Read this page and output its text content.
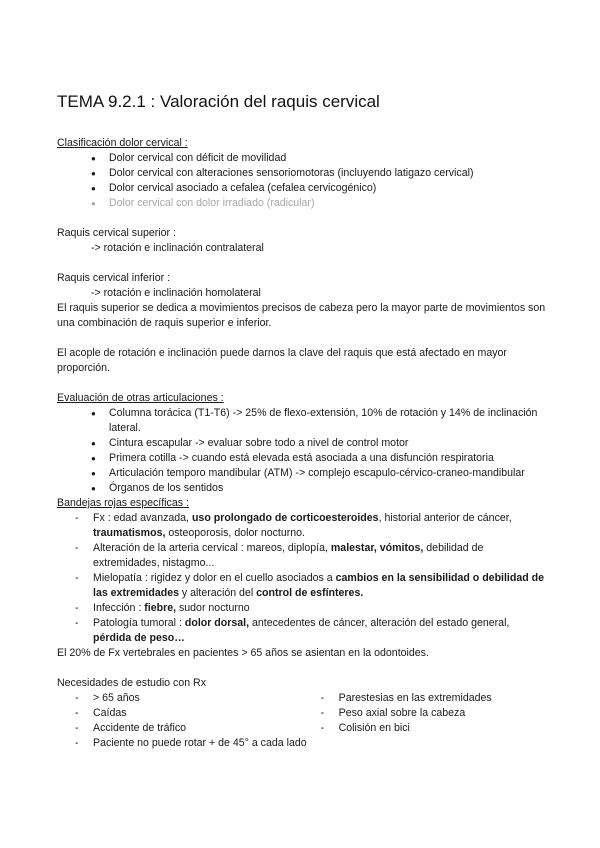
TEMA 9.2.1 : Valoración del raquis cervical

Clasificación dolor cervical :

● Dolor cervical con déficit de movilidad
● Dolor cervical con alteraciones sensoriomotoras (incluyendo latigazo cervical)
● Dolor cervical asociado a cefalea (cefalea cervicogénico)
● Dolor cervical con dolor irradiado (radicular)

Raquis cervical superior :

-> rotación e inclinación contralateral

Raquis cervical inferior :

-> rotación e inclinación homolateral

El raquis superior se dedica a movimientos precisos de cabeza pero la mayor parte de movimientos son una combinación de raquis superior e inferior.

El acople de rotación e inclinación puede darnos la clave del raquis que está afectado en mayor proporción.

Evaluación de otras articulaciones :

● Columna torácica (T1-T6) -> 25% de flexo-extensión, 10% de rotación y 14% de inclinación lateral.
● Cintura escapular -> evaluar sobre todo a nivel de control motor
● Primera cotilla -> cuando está elevada está asociada a una disfunción respiratoria
● Articulación temporo mandibular (ATM) -> complejo escapulo-cérvico-craneo-mandibular
● Órganos de los sentidos

Bandejas rojas específicas :

- Fx : edad avanzada, uso prolongado de corticoesteroides, historial anterior de cáncer, traumatismos, osteoporosis, dolor nocturno.
- Alteración de la arteria cervical : mareos, diplopía, malestar, vómitos, debilidad de extremidades, nistagmo...
- Mielopatía : rigidez y dolor en el cuello asociados a cambios en la sensibilidad o debilidad de las extremidades y alteración del control de esfínteres.
- Infección : fiebre, sudor nocturno
- Patología tumoral : dolor dorsal, antecedentes de cáncer, alteración del estado general, pérdida de peso…

El 20% de Fx vertebrales en pacientes > 65 años se asientan en la odontoides.

Necesidades de estudio con Rx

- > 65 años
- Caídas
- Accidente de tráfico
- Paciente no puede rotar + de 45° a cada lado
- Parestesias en las extremidades
- Peso axial sobre la cabeza
- Colisión en bici
